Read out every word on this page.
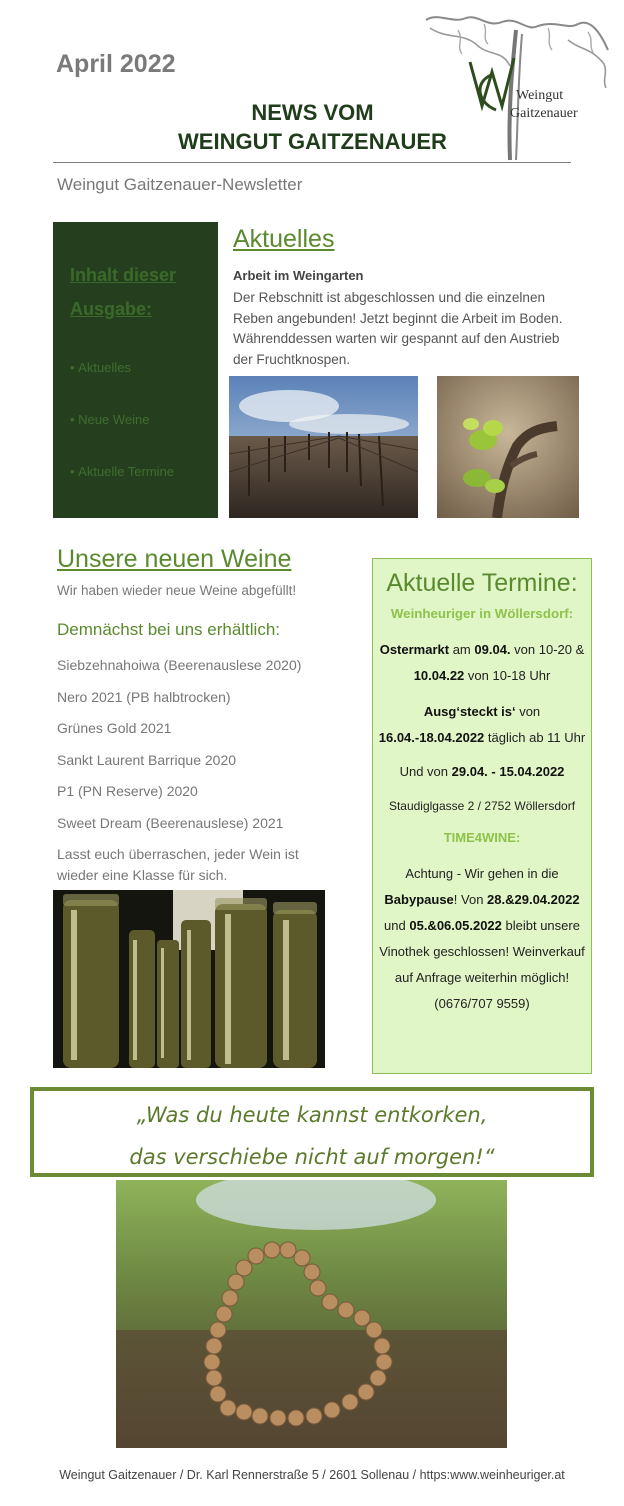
April 2022
NEWS VOM
WEINGUT GAITZENAUER
Weingut
Gaitzenauer
Weingut Gaitzenauer-Newsletter
Inhalt dieser
Ausgabe:
• Aktuelles
• Neue Weine
• Aktuelle Termine
Aktuelles
Arbeit im Weingarten
Der Rebschnitt ist abgeschlossen und die einzelnen Reben angebunden! Jetzt beginnt die Arbeit im Boden. Währenddessen warten wir gespannt auf den Austrieb der Fruchtknospen.
Unsere neuen Weine
Wir haben wieder neue Weine abgefüllt!
Demnächst bei uns erhältlich:
Siebzehnahoiwa (Beerenauslese 2020)
Nero 2021 (PB halbtrocken)
Grünes Gold 2021
Sankt Laurent Barrique 2020
P1 (PN Reserve) 2020
Sweet Dream (Beerenauslese) 2021
Lasst euch überraschen, jeder Wein ist wieder eine Klasse für sich.
Aktuelle Termine:
Weinheuriger in Wöllersdorf:
Ostermarkt am 09.04. von 10-20 & 10.04.22 von 10-18 Uhr
Ausg‘steckt is‘ von 16.04.-18.04.2022 täglich ab 11 Uhr
Und von 29.04. - 15.04.2022
Staudiglgasse 2 / 2752 Wöllersdorf
TIME4WINE:
Achtung - Wir gehen in die Babypause! Von 28.&29.04.2022 und 05.&06.05.2022 bleibt unsere Vinothek geschlossen! Weinverkauf auf Anfrage weiterhin möglich! (0676/707 9559)
„Was du heute kannst entkorken,
das verschiebe nicht auf morgen!“
Weingut Gaitzenauer / Dr. Karl Rennerstraße 5 / 2601 Sollenau / https:www.weinheuriger.at
